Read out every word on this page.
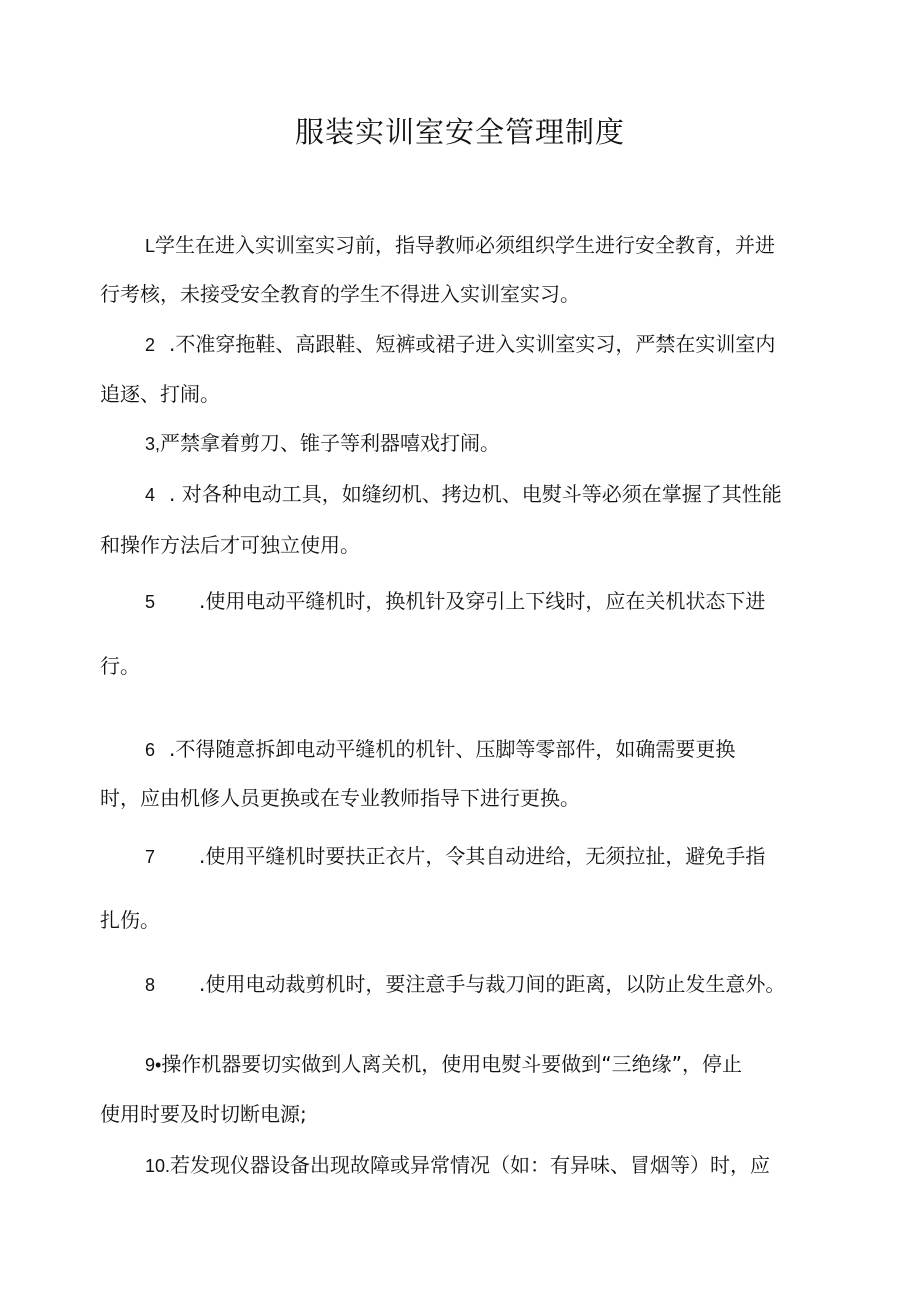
服装实训室安全管理制度
L学生在进入实训室实习前，指导教师必须组织学生进行安全教育，并进
行考核，未接受安全教育的学生不得进入实训室实习。
2 .不准穿拖鞋、高跟鞋、短裤或裙子进入实训室实习，严禁在实训室内
追逐、打闹。
3,严禁拿着剪刀、锥子等利器嘻戏打闹。
4 . 对各种电动工具，如缝纫机、拷边机、电熨斗等必须在掌握了其性能
和操作方法后才可独立使用。
5 .使用电动平缝机时，换机针及穿引上下线时，应在关机状态下进
行。
6 .不得随意拆卸电动平缝机的机针、压脚等零部件，如确需要更换
时，应由机修人员更换或在专业教师指导下进行更换。
7 .使用平缝机时要扶正衣片，令其自动进给，无须拉扯，避免手指
扎伤。
8 .使用电动裁剪机时，要注意手与裁刀间的距离，以防止发生意外。
9•操作机器要切实做到人离关机，使用电熨斗要做到“三绝缘”，停止
使用时要及时切断电源;
10.若发现仪器设备出现故障或异常情况（如：有异味、冒烟等）时，应
